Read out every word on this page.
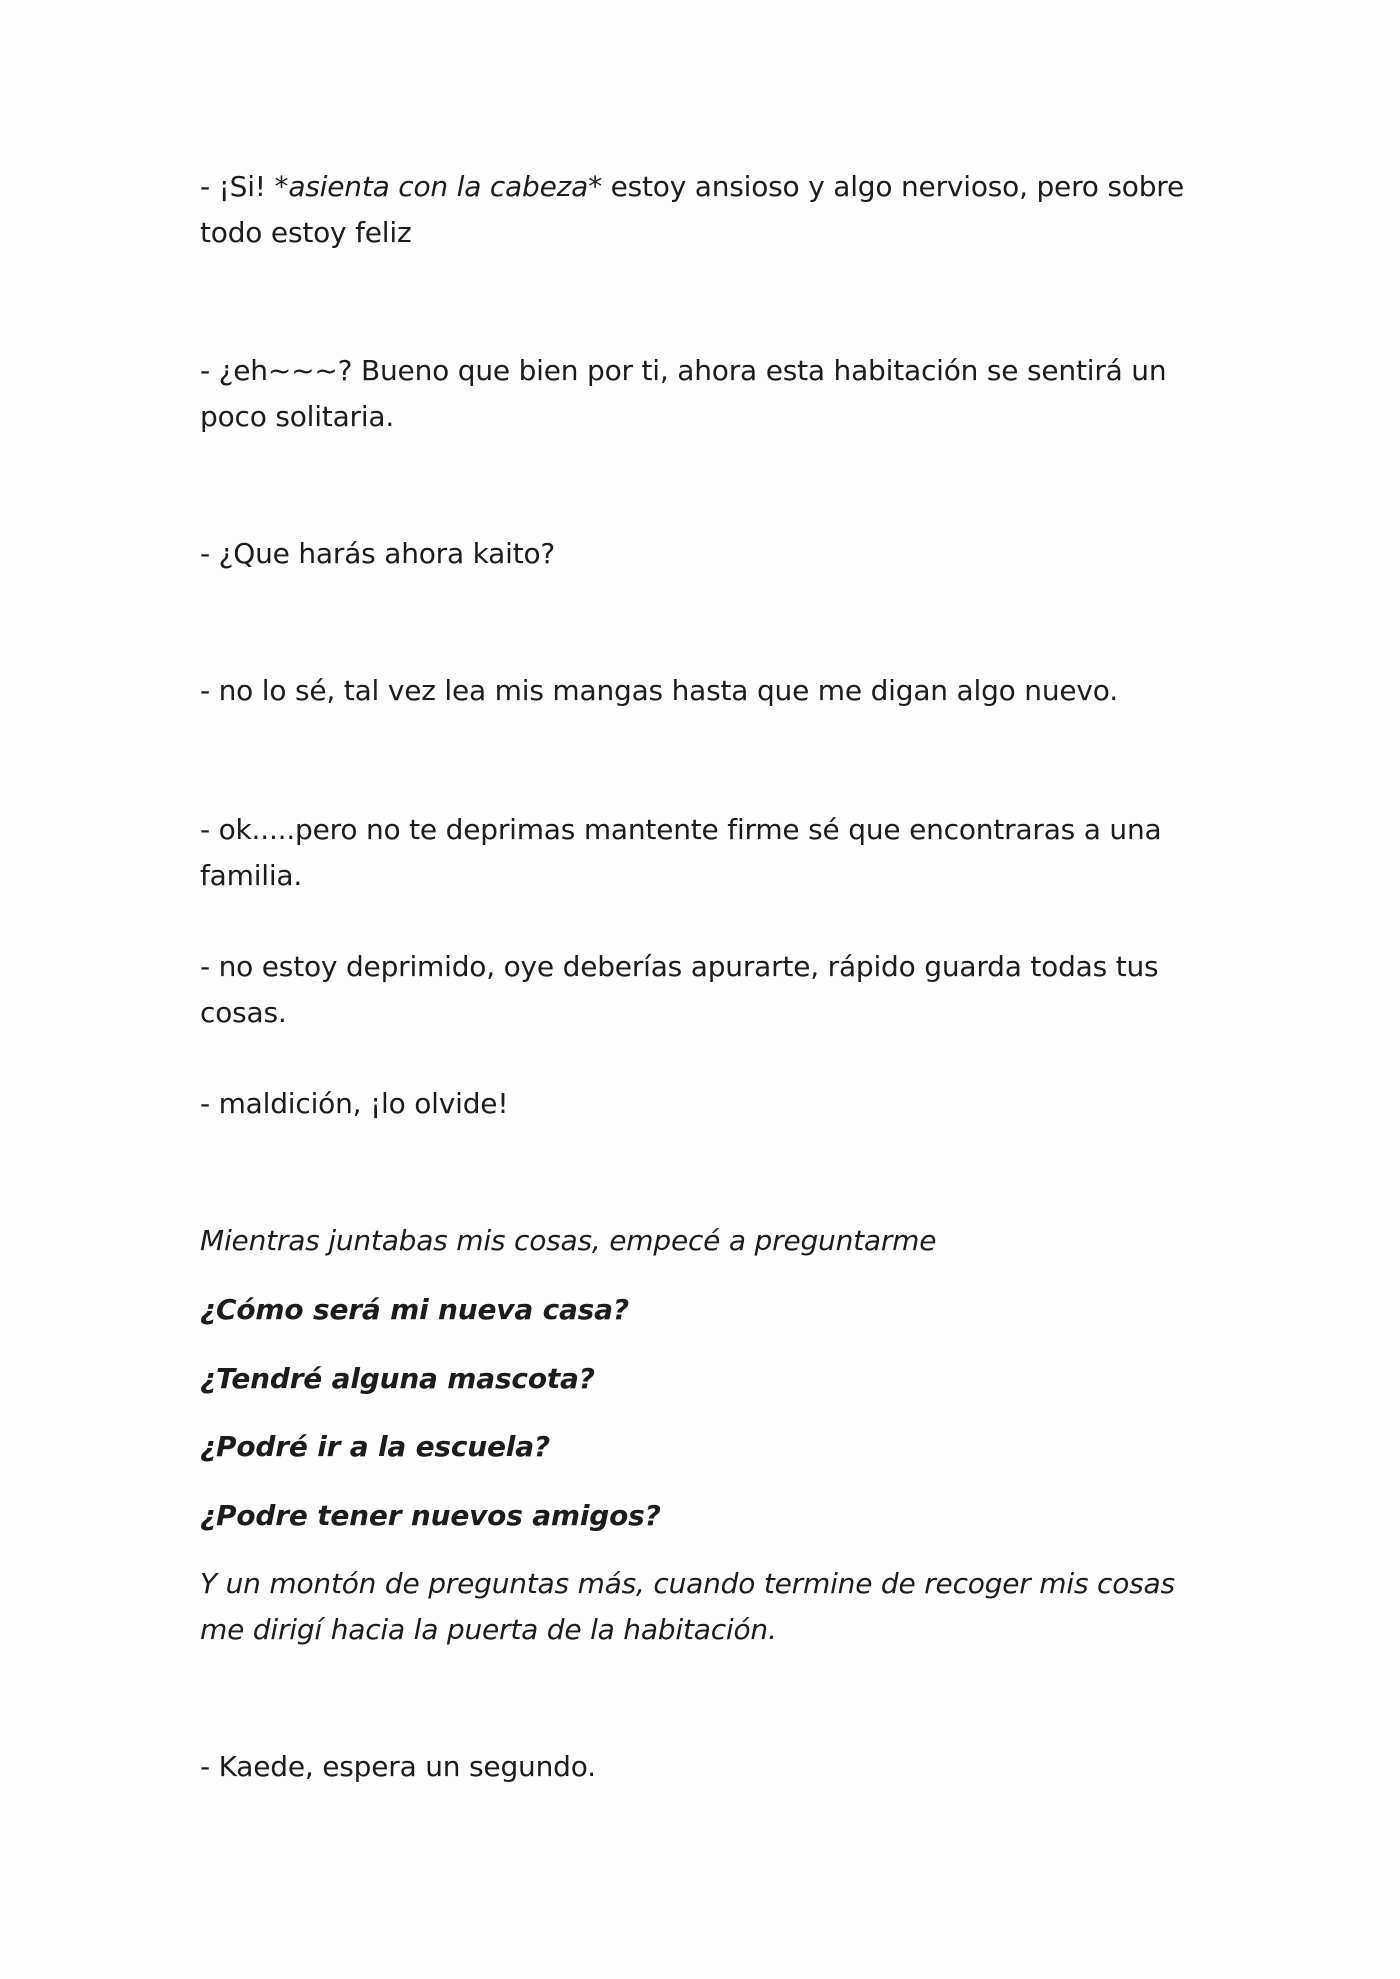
- ¡Si! *asienta con la cabeza* estoy ansioso y algo nervioso, pero sobre todo estoy feliz

- ¿eh~~~? Bueno que bien por ti, ahora esta habitación se sentirá un poco solitaria.

- ¿Que harás ahora kaito?

- no lo sé, tal vez lea mis mangas hasta que me digan algo nuevo.

- ok.....pero no te deprimas mantente firme sé que encontraras a una familia.

- no estoy deprimido, oye deberías apurarte, rápido guarda todas tus cosas.

- maldición, ¡lo olvide!

Mientras juntabas mis cosas, empecé a preguntarme

¿Cómo será mi nueva casa?

¿Tendré alguna mascota?

¿Podré ir a la escuela?

¿Podre tener nuevos amigos?

Y un montón de preguntas más, cuando termine de recoger mis cosas me dirigí hacia la puerta de la habitación.

- Kaede, espera un segundo.
